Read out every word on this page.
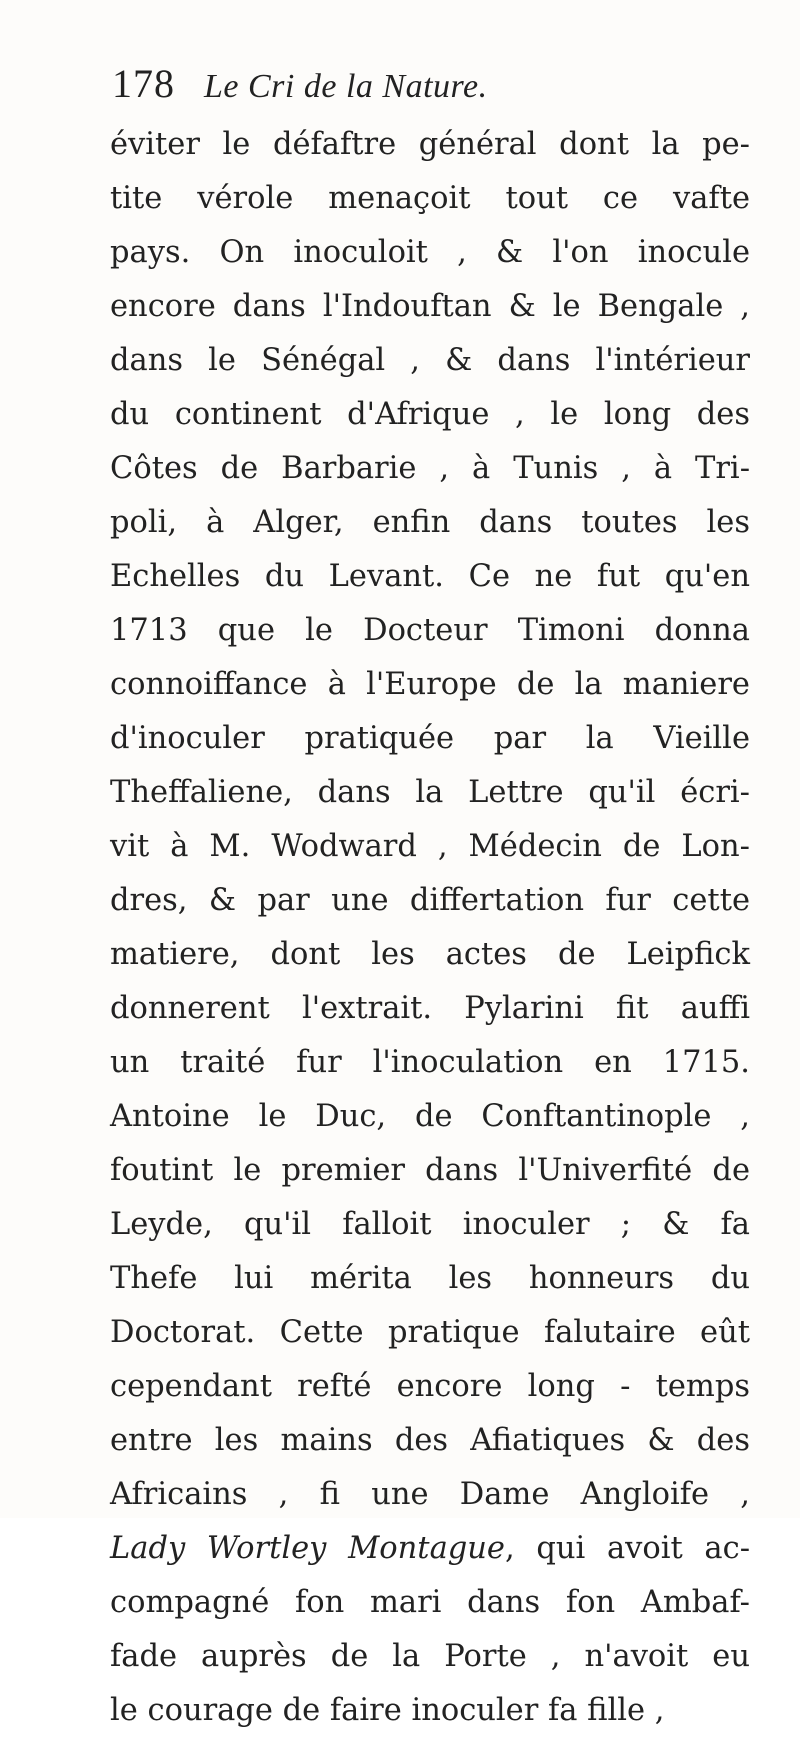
178 Le Cri de la Nature.
éviter le défaftre général dont la pe-
tite vérole menaçoit tout ce vafte
pays. On inoculoit , & l'on inocule
encore dans l'Indouftan & le Bengale ,
dans le Sénégal , & dans l'intérieur
du continent d'Afrique , le long des
Côtes de Barbarie , à Tunis , à Tri-
poli, à Alger, enfin dans toutes les
Echelles du Levant. Ce ne fut qu'en
1713 que le Docteur Timoni donna
connoiffance à l'Europe de la maniere
d'inoculer pratiquée par la Vieille
Theffaliene, dans la Lettre qu'il écri-
vit à M. Wodward , Médecin de Lon-
dres, & par une differtation fur cette
matiere, dont les actes de Leipfick
donnerent l'extrait. Pylarini fit auffi
un traité fur l'inoculation en 1715.
Antoine le Duc, de Conftantinople ,
foutint le premier dans l'Univerfité de
Leyde, qu'il falloit inoculer ; & fa
Thefe lui mérita les honneurs du
Doctorat. Cette pratique falutaire eût
cependant refté encore long - temps
entre les mains des Afiatiques & des
Africains , fi une Dame Angloife ,
Lady Wortley Montague, qui avoit ac-
compagné fon mari dans fon Ambaf-
fade auprès de la Porte , n'avoit eu
le courage de faire inoculer fa fille ,
